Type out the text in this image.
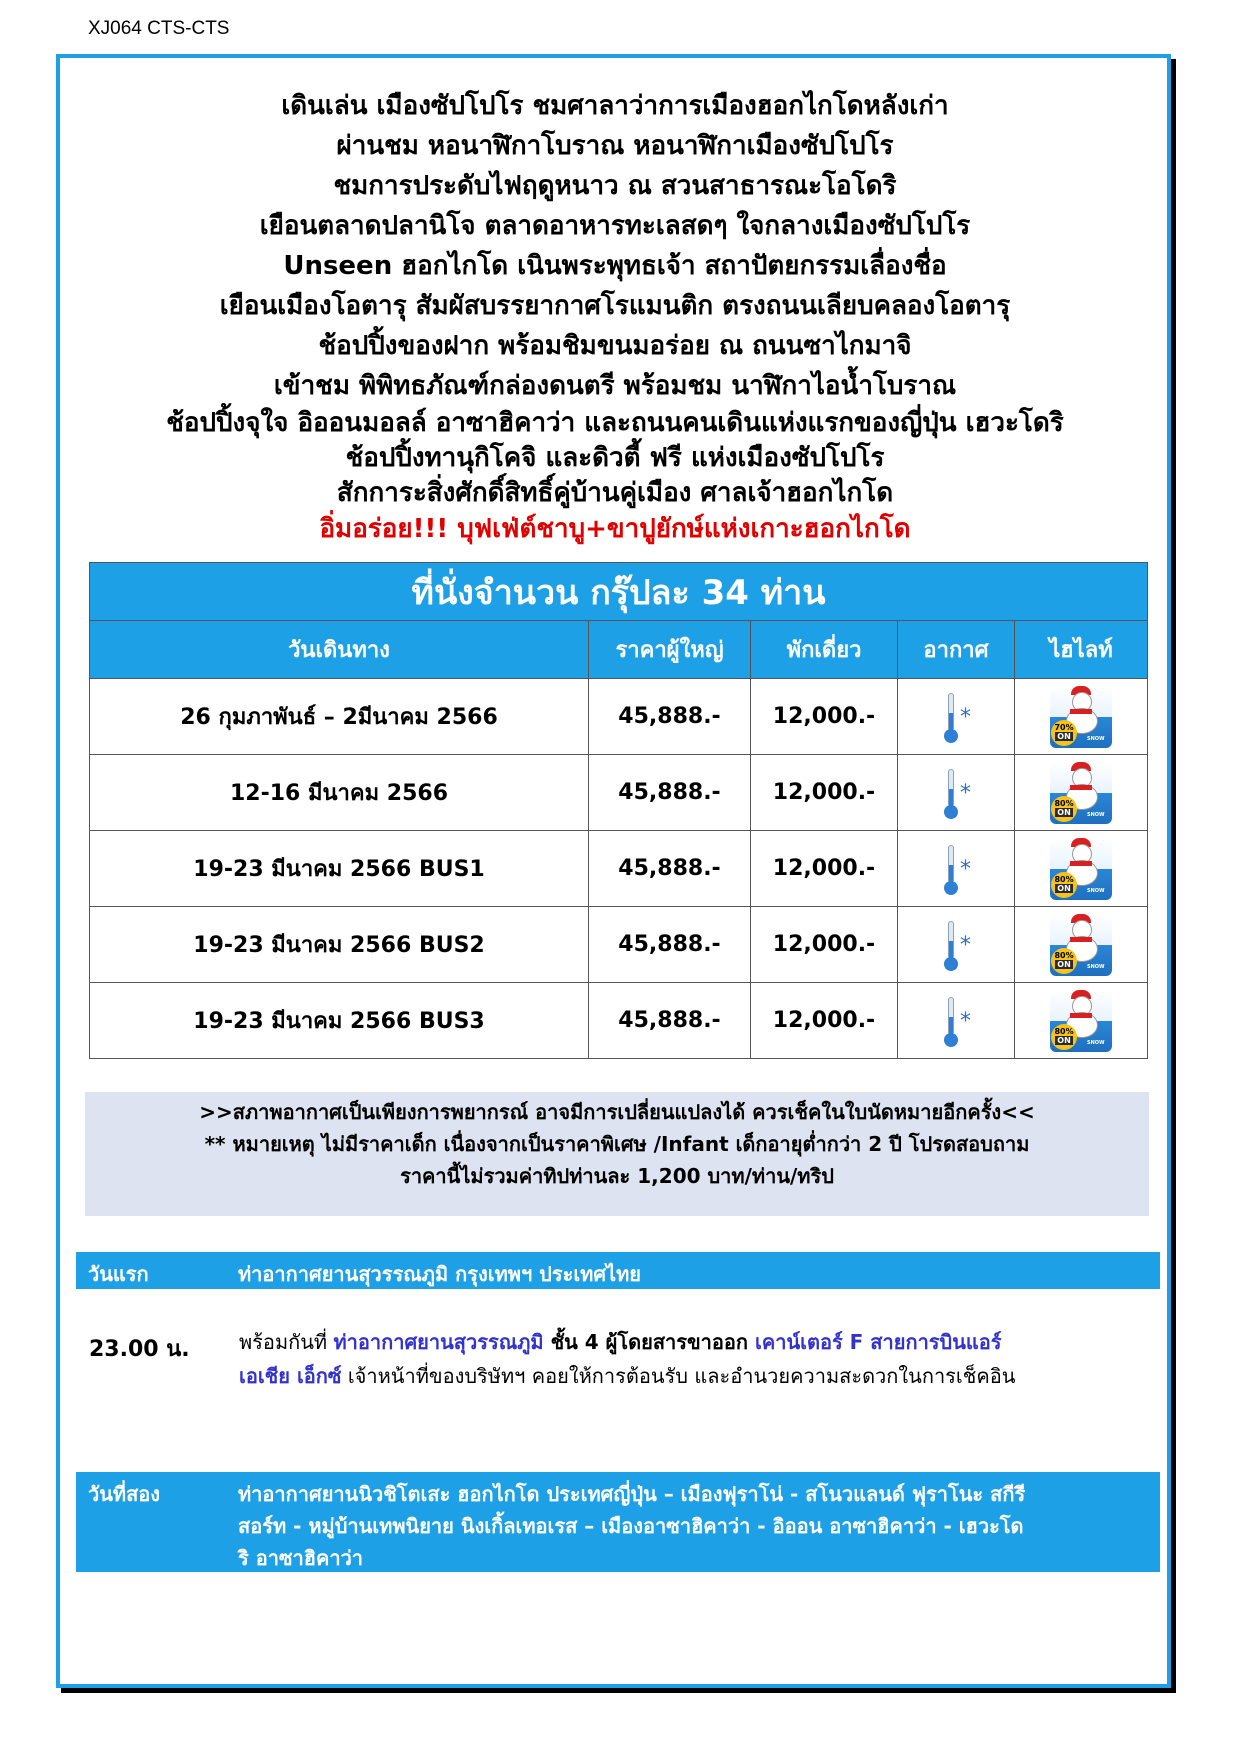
XJ064 CTS-CTS
เดินเล่น เมืองซัปโปโร ชมศาลาว่าการเมืองฮอกไกโดหลังเก่า
ผ่านชม หอนาฬิกาโบราณ หอนาฬิกาเมืองซัปโปโร
ชมการประดับไฟฤดูหนาว ณ สวนสาธารณะโอโดริ
เยือนตลาดปลานิโจ ตลาดอาหารทะเลสดๆ ใจกลางเมืองซัปโปโร
Unseen ฮอกไกโด เนินพระพุทธเจ้า สถาปัตยกรรมเลื่องชื่อ
เยือนเมืองโอตารุ สัมผัสบรรยากาศโรแมนติก ตรงถนนเลียบคลองโอตารุ
ช้อปปิ้งของฝาก พร้อมชิมขนมอร่อย ณ ถนนซาไกมาจิ
เข้าชม พิพิทธภัณฑ์กล่องดนตรี พร้อมชม นาฬิกาไอน้ำโบราณ
ช้อปปิ้งจุใจ อิออนมอลล์ อาซาฮิคาว่า และถนนคนเดินแห่งแรกของญี่ปุ่น เฮวะโดริ
ช้อปปิ้งทานุกิโคจิ และดิวตี้ ฟรี แห่งเมืองซัปโปโร
สักการะสิ่งศักดิ์สิทธิ์คู่บ้านคู่เมือง ศาลเจ้าฮอกไกโด
อิ่มอร่อย!!! บุฟเฟ่ต์ชาบู+ขาปูยักษ์แห่งเกาะฮอกไกโด
ที่นั่งจำนวน กรุ๊ปละ 34 ท่าน				
วันเดินทาง	ราคาผู้ใหญ่	พักเดี่ยว	อากาศ	ไฮไลท์
26 กุมภาพันธ์ – 2มีนาคม 2566	45,888.-	12,000.-	*	70%
ON SNOW

12-16 มีนาคม 2566	45,888.-	12,000.-	*	80%
ON SNOW

19-23 มีนาคม 2566 BUS1	45,888.-	12,000.-	*	80%
ON SNOW

19-23 มีนาคม 2566 BUS2	45,888.-	12,000.-	*	80%
ON SNOW

19-23 มีนาคม 2566 BUS3	45,888.-	12,000.-	*	80%
ON SNOW
>>สภาพอากาศเป็นเพียงการพยากรณ์ อาจมีการเปลี่ยนแปลงได้ ควรเช็คในใบนัดหมายอีกครั้ง<<
** หมายเหตุ ไม่มีราคาเด็ก เนื่องจากเป็นราคาพิเศษ /Infant เด็กอายุต่ำกว่า 2 ปี โปรดสอบถาม
ราคานี้ไม่รวมค่าทิปท่านละ 1,200 บาท/ท่าน/ทริป
วันแรก	ท่าอากาศยานสุวรรณภูมิ กรุงเทพฯ ประเทศไทย
23.00 น. พร้อมกันที่ ท่าอากาศยานสุวรรณภูมิ ชั้น 4 ผู้โดยสารขาออก เคาน์เตอร์ F สายการบินแอร์
เอเชีย เอ็กซ์ เจ้าหน้าที่ของบริษัทฯ คอยให้การต้อนรับ และอำนวยความสะดวกในการเช็คอิน
วันที่สอง	ท่าอากาศยานนิวชิโตเสะ ฮอกไกโด ประเทศญี่ปุ่น – เมืองฟุราโน่ - สโนวแลนด์ ฟุราโนะ สกีรี
สอร์ท - หมู่บ้านเทพนิยาย นิงเกิ้ลเทอเรส – เมืองอาซาฮิคาว่า - อิออน อาซาฮิคาว่า - เฮวะโด
ริ อาซาฮิคาว่า
